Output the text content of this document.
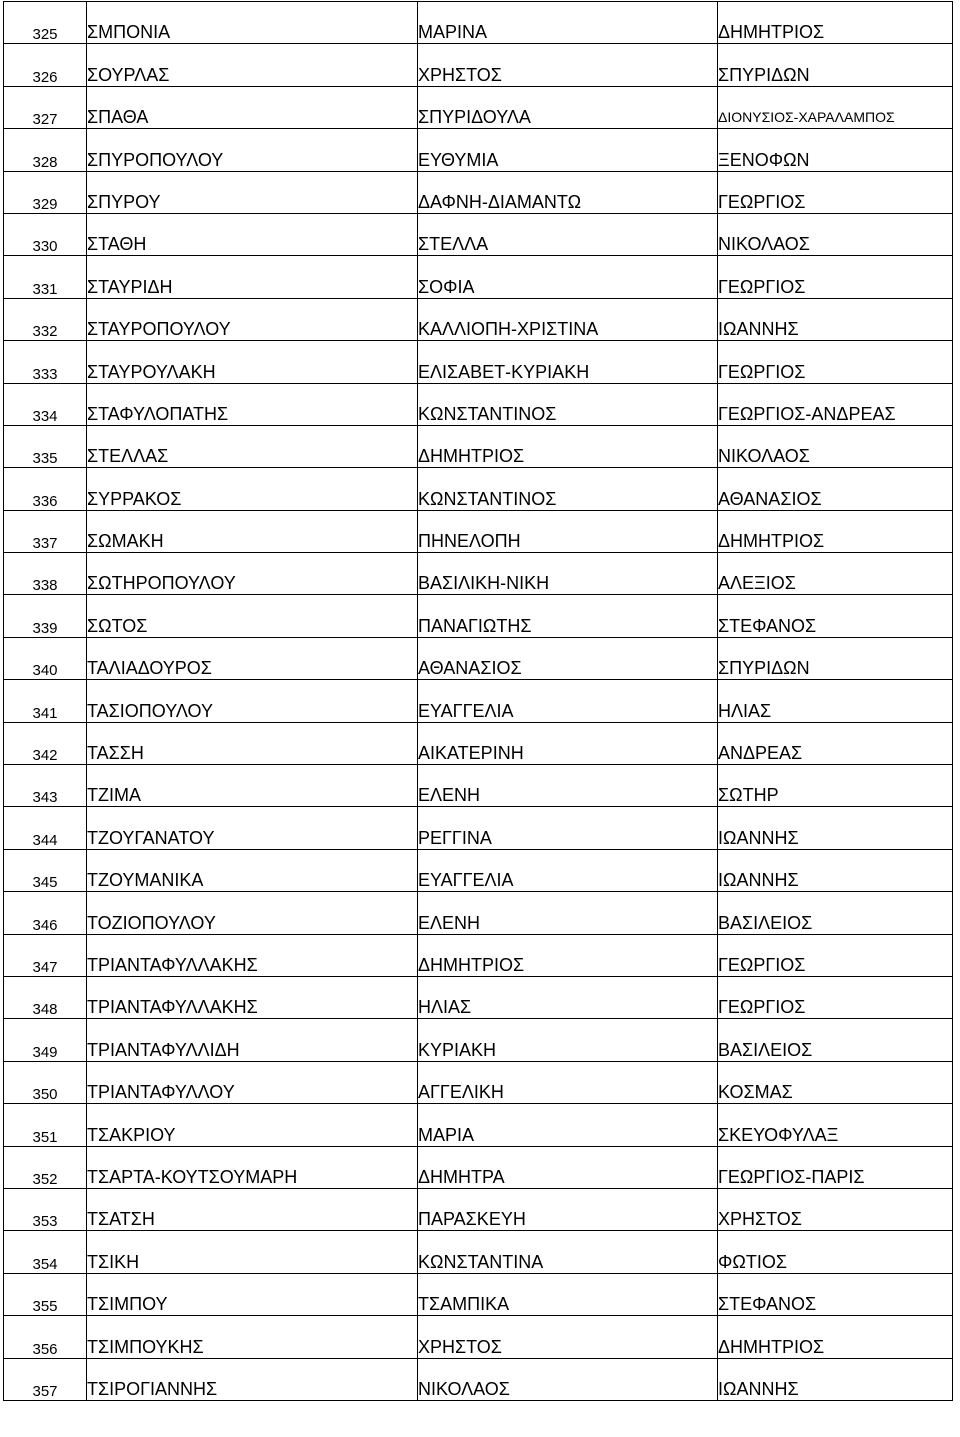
325	ΣΜΠΟΝΙΑ	ΜΑΡΙΝΑ	ΔΗΜΗΤΡΙΟΣ
326	ΣΟΥΡΛΑΣ	ΧΡΗΣΤΟΣ	ΣΠΥΡΙΔΩΝ
327	ΣΠΑΘΑ	ΣΠΥΡΙΔΟΥΛΑ	ΔΙΟΝΥΣΙΟΣ-ΧΑΡΑΛΑΜΠΟΣ
328	ΣΠΥΡΟΠΟΥΛΟΥ	ΕΥΘΥΜΙΑ	ΞΕΝΟΦΩΝ
329	ΣΠΥΡΟΥ	ΔΑΦΝΗ-ΔΙΑΜΑΝΤΩ	ΓΕΩΡΓΙΟΣ
330	ΣΤΑΘΗ	ΣΤΕΛΛΑ	ΝΙΚΟΛΑΟΣ
331	ΣΤΑΥΡΙΔΗ	ΣΟΦΙΑ	ΓΕΩΡΓΙΟΣ
332	ΣΤΑΥΡΟΠΟΥΛΟΥ	ΚΑΛΛΙΟΠΗ-ΧΡΙΣΤΙΝΑ	ΙΩΑΝΝΗΣ
333	ΣΤΑΥΡΟΥΛΑΚΗ	ΕΛΙΣΑΒΕΤ-ΚΥΡΙΑΚΗ	ΓΕΩΡΓΙΟΣ
334	ΣΤΑΦΥΛΟΠΑΤΗΣ	ΚΩΝΣΤΑΝΤΙΝΟΣ	ΓΕΩΡΓΙΟΣ-ΑΝΔΡΕΑΣ
335	ΣΤΕΛΛΑΣ	ΔΗΜΗΤΡΙΟΣ	ΝΙΚΟΛΑΟΣ
336	ΣΥΡΡΑΚΟΣ	ΚΩΝΣΤΑΝΤΙΝΟΣ	ΑΘΑΝΑΣΙΟΣ
337	ΣΩΜΑΚΗ	ΠΗΝΕΛΟΠΗ	ΔΗΜΗΤΡΙΟΣ
338	ΣΩΤΗΡΟΠΟΥΛΟΥ	ΒΑΣΙΛΙΚΗ-ΝΙΚΗ	ΑΛΕΞΙΟΣ
339	ΣΩΤΟΣ	ΠΑΝΑΓΙΩΤΗΣ	ΣΤΕΦΑΝΟΣ
340	ΤΑΛΙΑΔΟΥΡΟΣ	ΑΘΑΝΑΣΙΟΣ	ΣΠΥΡΙΔΩΝ
341	ΤΑΣΙΟΠΟΥΛΟΥ	ΕΥΑΓΓΕΛΙΑ	ΗΛΙΑΣ
342	ΤΑΣΣΗ	ΑΙΚΑΤΕΡΙΝΗ	ΑΝΔΡΕΑΣ
343	ΤΖΙΜΑ	ΕΛΕΝΗ	ΣΩΤΗΡ
344	ΤΖΟΥΓΑΝΑΤΟΥ	ΡΕΓΓΙΝΑ	ΙΩΑΝΝΗΣ
345	ΤΖΟΥΜΑΝΙΚΑ	ΕΥΑΓΓΕΛΙΑ	ΙΩΑΝΝΗΣ
346	ΤΟΖΙΟΠΟΥΛΟΥ	ΕΛΕΝΗ	ΒΑΣΙΛΕΙΟΣ
347	ΤΡΙΑΝΤΑΦΥΛΛΑΚΗΣ	ΔΗΜΗΤΡΙΟΣ	ΓΕΩΡΓΙΟΣ
348	ΤΡΙΑΝΤΑΦΥΛΛΑΚΗΣ	ΗΛΙΑΣ	ΓΕΩΡΓΙΟΣ
349	ΤΡΙΑΝΤΑΦΥΛΛΙΔΗ	ΚΥΡΙΑΚΗ	ΒΑΣΙΛΕΙΟΣ
350	ΤΡΙΑΝΤΑΦΥΛΛΟΥ	ΑΓΓΕΛΙΚΗ	ΚΟΣΜΑΣ
351	ΤΣΑΚΡΙΟΥ	ΜΑΡΙΑ	ΣΚΕΥΟΦΥΛΑΞ
352	ΤΣΑΡΤΑ-ΚΟΥΤΣΟΥΜΑΡΗ	ΔΗΜΗΤΡΑ	ΓΕΩΡΓΙΟΣ-ΠΑΡΙΣ
353	ΤΣΑΤΣΗ	ΠΑΡΑΣΚΕΥΗ	ΧΡΗΣΤΟΣ
354	ΤΣΙΚΗ	ΚΩΝΣΤΑΝΤΙΝΑ	ΦΩΤΙΟΣ
355	ΤΣΙΜΠΟΥ	ΤΣΑΜΠΙΚΑ	ΣΤΕΦΑΝΟΣ
356	ΤΣΙΜΠΟΥΚΗΣ	ΧΡΗΣΤΟΣ	ΔΗΜΗΤΡΙΟΣ
357	ΤΣΙΡΟΓΙΑΝΝΗΣ	ΝΙΚΟΛΑΟΣ	ΙΩΑΝΝΗΣ
